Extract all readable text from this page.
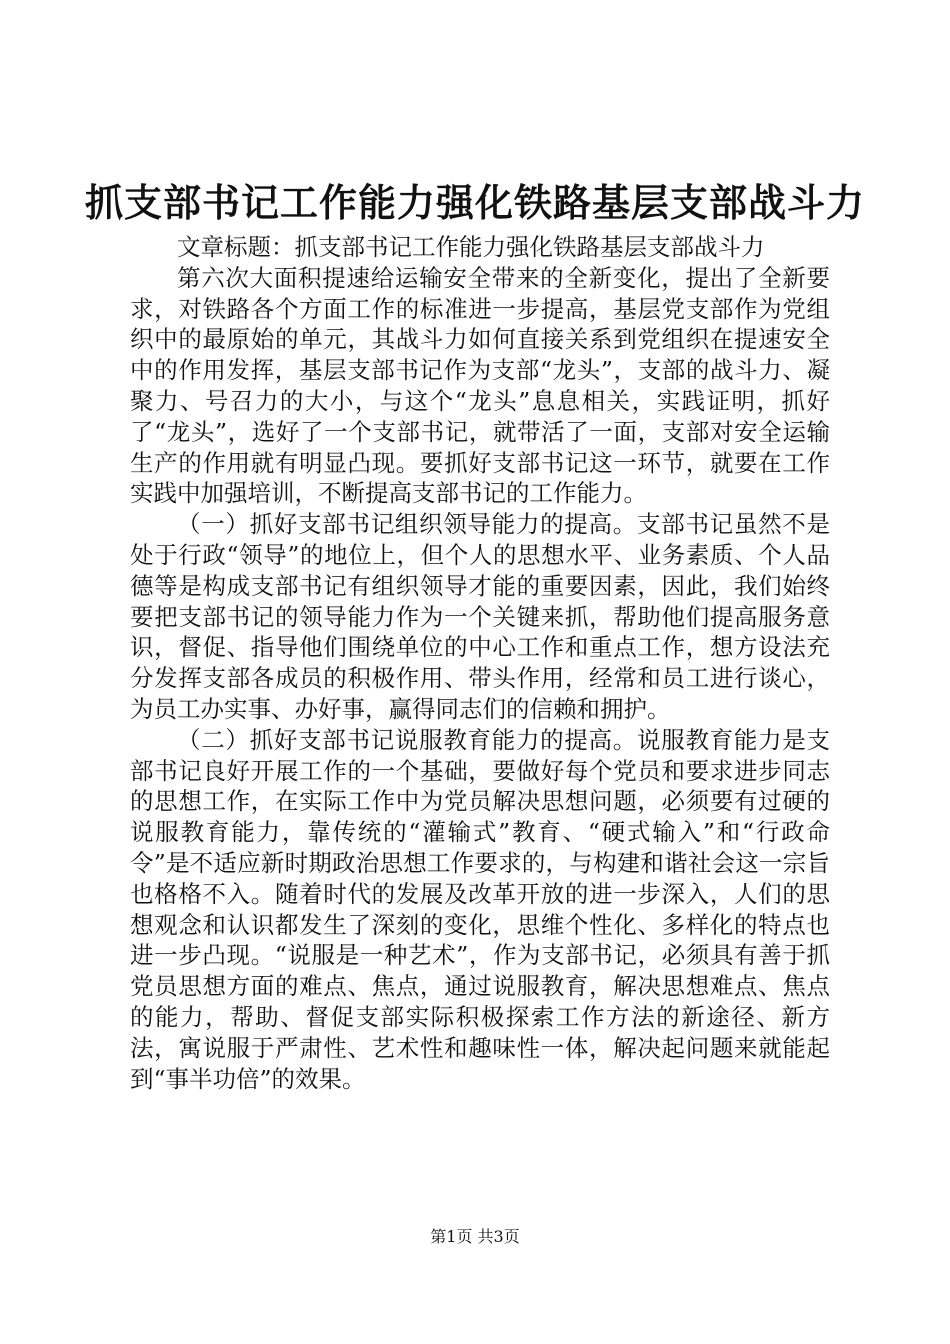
抓支部书记工作能力强化铁路基层支部战斗力

文章标题：抓支部书记工作能力强化铁路基层支部战斗力

第六次大面积提速给运输安全带来的全新变化，提出了全新要求，对铁路各个方面工作的标准进一步提高，基层党支部作为党组织中的最原始的单元，其战斗力如何直接关系到党组织在提速安全中的作用发挥，基层支部书记作为支部“龙头”，支部的战斗力、凝聚力、号召力的大小，与这个“龙头”息息相关，实践证明，抓好了“龙头”，选好了一个支部书记，就带活了一面，支部对安全运输生产的作用就有明显凸现。要抓好支部书记这一环节，就要在工作实践中加强培训，不断提高支部书记的工作能力。

（一）抓好支部书记组织领导能力的提高。支部书记虽然不是处于行政“领导”的地位上，但个人的思想水平、业务素质、个人品德等是构成支部书记有组织领导才能的重要因素，因此，我们始终要把支部书记的领导能力作为一个关键来抓，帮助他们提高服务意识，督促、指导他们围绕单位的中心工作和重点工作，想方设法充分发挥支部各成员的积极作用、带头作用，经常和员工进行谈心，为员工办实事、办好事，赢得同志们的信赖和拥护。

（二）抓好支部书记说服教育能力的提高。说服教育能力是支部书记良好开展工作的一个基础，要做好每个党员和要求进步同志的思想工作，在实际工作中为党员解决思想问题，必须要有过硬的说服教育能力，靠传统的“灌输式”教育、“硬式输入”和“行政命令”是不适应新时期政治思想工作要求的，与构建和谐社会这一宗旨也格格不入。随着时代的发展及改革开放的进一步深入，人们的思想观念和认识都发生了深刻的变化，思维个性化、多样化的特点也进一步凸现。“说服是一种艺术”，作为支部书记，必须具有善于抓党员思想方面的难点、焦点，通过说服教育，解决思想难点、焦点的能力，帮助、督促支部实际积极探索工作方法的新途径、新方法，寓说服于严肃性、艺术性和趣味性一体，解决起问题来就能起到“事半功倍”的效果。

第1页 共3页
